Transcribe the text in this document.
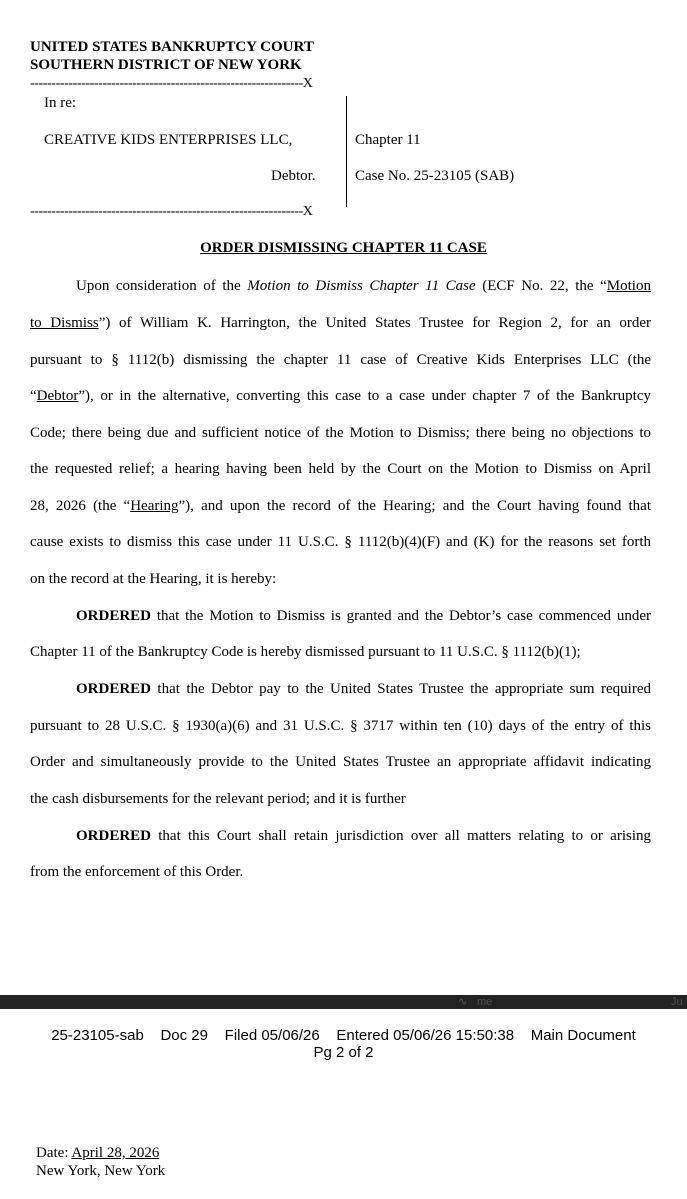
UNITED STATES BANKRUPTCY COURT
SOUTHERN DISTRICT OF NEW YORK
----------------------------------------------------------------X
In re:
CREATIVE KIDS ENTERPRISES LLC,
Debtor.
Chapter 11
Case No. 25-23105 (SAB)
----------------------------------------------------------------X
ORDER DISMISSING CHAPTER 11 CASE
Upon consideration of the Motion to Dismiss Chapter 11 Case (ECF No. 22, the “Motion
to Dismiss”) of William K. Harrington, the United States Trustee for Region 2, for an order
pursuant to § 1112(b) dismissing the chapter 11 case of Creative Kids Enterprises LLC (the
“Debtor”), or in the alternative, converting this case to a case under chapter 7 of the Bankruptcy
Code; there being due and sufficient notice of the Motion to Dismiss; there being no objections to
the requested relief; a hearing having been held by the Court on the Motion to Dismiss on April
28, 2026 (the “Hearing”), and upon the record of the Hearing; and the Court having found that
cause exists to dismiss this case under 11 U.S.C. § 1112(b)(4)(F) and (K) for the reasons set forth
on the record at the Hearing, it is hereby:
ORDERED that the Motion to Dismiss is granted and the Debtor’s case commenced under
Chapter 11 of the Bankruptcy Code is hereby dismissed pursuant to 11 U.S.C. § 1112(b)(1);
ORDERED that the Debtor pay to the United States Trustee the appropriate sum required
pursuant to 28 U.S.C. § 1930(a)(6) and 31 U.S.C. § 3717 within ten (10) days of the entry of this
Order and simultaneously provide to the United States Trustee an appropriate affidavit indicating
the cash disbursements for the relevant period; and it is further
ORDERED that this Court shall retain jurisdiction over all matters relating to or arising
from the enforcement of this Order.
∿ me	Ju
25-23105-sab    Doc 29    Filed 05/06/26    Entered 05/06/26 15:50:38    Main Document
Pg 2 of 2
Date: April 28, 2026
New York, New York
